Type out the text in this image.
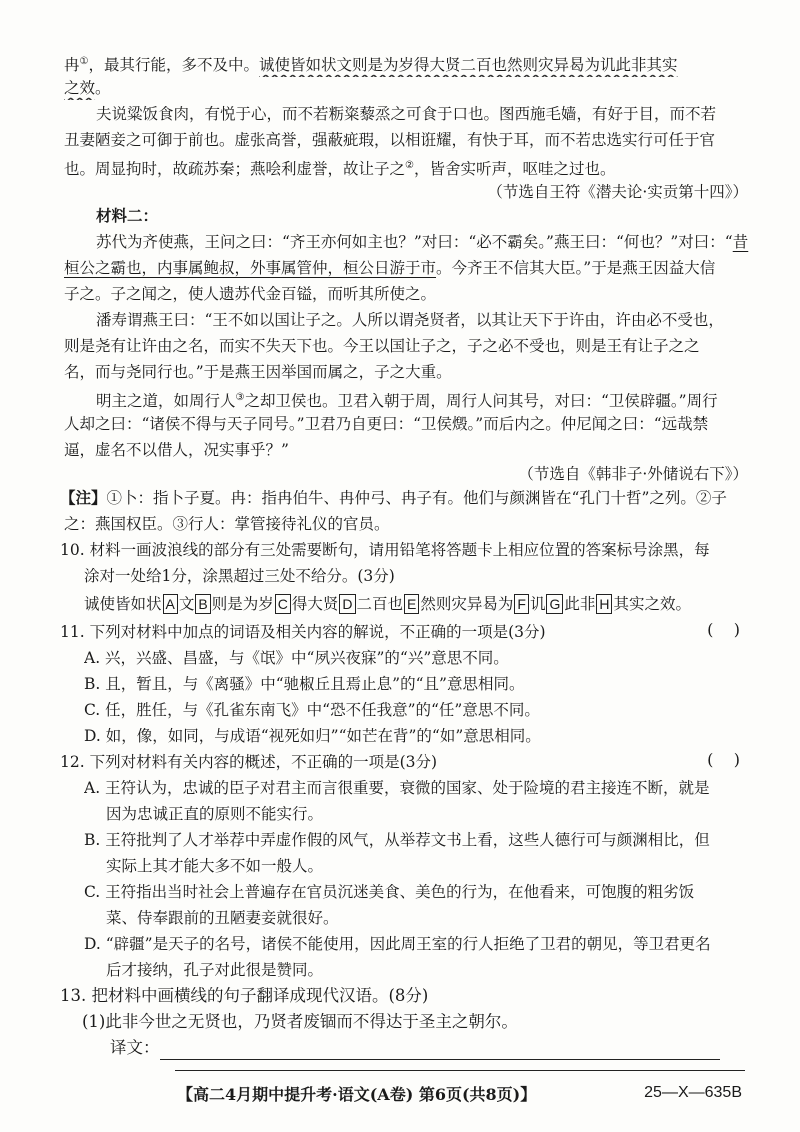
冉①，最其行能，多不及中。诚使皆如状文则是为岁得大贤二百也然则灾异曷为讥此非其实
之效。
夫说粱饭食肉，有悦于心，而不若粝粢藜烝之可食于口也。图西施毛嫱，有好于目，而不若
丑妻陋妾之可御于前也。虚张高誉，强蔽疵瑕，以相诳耀，有快于耳，而不若忠选实行可任于官
也。周显拘时，故疏苏秦；燕哙利虚誉，故让子之②，皆舍实听声，呕哇之过也。
（节选自王符《潜夫论·实贡第十四》）
材料二：
苏代为齐使燕，王问之曰：“齐王亦何如主也？”对曰：“必不霸矣。”燕王曰：“何也？”对曰：“昔
桓公之霸也，内事属鲍叔，外事属管仲，桓公日游于市。今齐王不信其大臣。”于是燕王因益大信
子之。子之闻之，使人遗苏代金百镒，而听其所使之。
潘寿谓燕王曰：“王不如以国让子之。人所以谓尧贤者，以其让天下于许由，许由必不受也，
则是尧有让许由之名，而实不失天下也。今王以国让子之，子之必不受也，则是王有让子之之
名，而与尧同行也。”于是燕王因举国而属之，子之大重。
明主之道，如周行人③之却卫侯也。卫君入朝于周，周行人问其号，对曰：“卫侯辟疆。”周行
人却之曰：“诸侯不得与天子同号。”卫君乃自更曰：“卫侯燬。”而后内之。仲尼闻之曰：“远哉禁
逼，虚名不以借人，况实事乎？”
（节选自《韩非子·外储说右下》）
【注】①卜：指卜子夏。冉：指冉伯牛、冉仲弓、冉子有。他们与颜渊皆在“孔门十哲”之列。②子
之：燕国权臣。③行人：掌管接待礼仪的官员。
10. 材料一画波浪线的部分有三处需要断句，请用铅笔将答题卡上相应位置的答案标号涂黑，每
涂对一处给1分，涂黑超过三处不给分。(3分)
诚使皆如状 A 文 B 则是为岁 C 得大贤 D 二百也 E 然则灾异曷为 F 讥 G 此非 H 其实之效。
11. 下列对材料中加点的词语及相关内容的解说，不正确的一项是(3分)	(    )
A. 兴，兴盛、昌盛，与《氓》中“夙兴夜寐”的“兴”意思不同。
B. 且，暂且，与《离骚》中“驰椒丘且焉止息”的“且”意思相同。
C. 任，胜任，与《孔雀东南飞》中“恐不任我意”的“任”意思不同。
D. 如，像，如同，与成语“视死如归”“如芒在背”的“如”意思相同。
12. 下列对材料有关内容的概述，不正确的一项是(3分)	(    )
A. 王符认为，忠诚的臣子对君主而言很重要，衰微的国家、处于险境的君主接连不断，就是
因为忠诚正直的原则不能实行。
B. 王符批判了人才举荐中弄虚作假的风气，从举荐文书上看，这些人德行可与颜渊相比，但
实际上其才能大多不如一般人。
C. 王符指出当时社会上普遍存在官员沉迷美食、美色的行为，在他看来，可饱腹的粗劣饭
菜、侍奉跟前的丑陋妻妾就很好。
D. “辟疆”是天子的名号，诸侯不能使用，因此周王室的行人拒绝了卫君的朝见，等卫君更名
后才接纳，孔子对此很是赞同。
13. 把材料中画横线的句子翻译成现代汉语。(8分)
(1)此非今世之无贤也，乃贤者废锢而不得达于圣主之朝尔。
译文：
【高二4月期中提升考·语文(A卷) 第6页(共8页)】	25—X—635B
